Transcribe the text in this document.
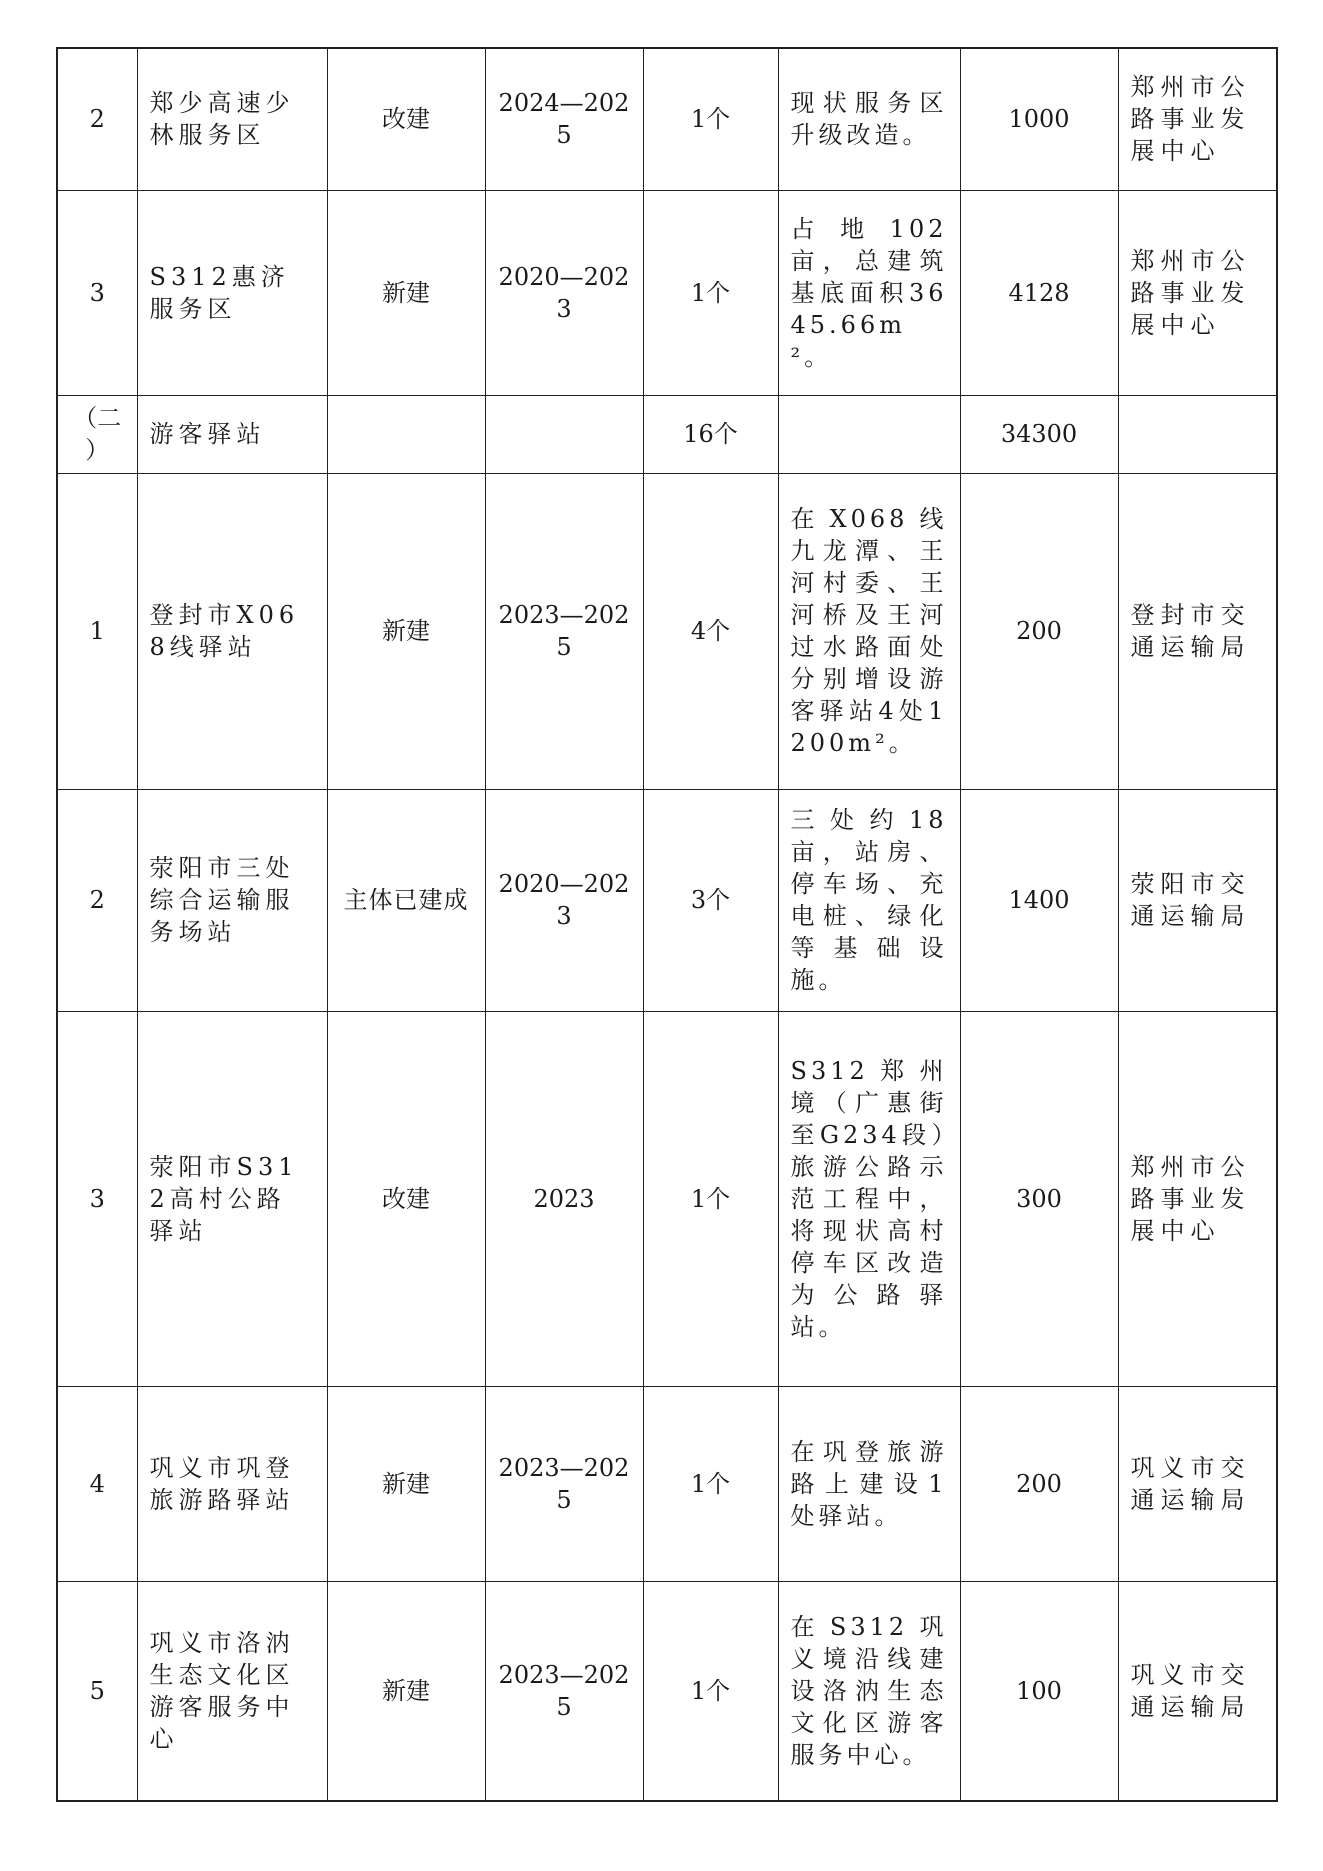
2	郑少高速少林服务区	改建	2024—2025	1个	现状服务区升级改造。	1000	郑州市公路事业发展中心
3	S312惠济服务区	新建	2020—2023	1个	占地102亩，总建筑基底面积3645.66m²。	4128	郑州市公路事业发展中心
（二）	游客驿站			16个		34300	
1	登封市X068线驿站	新建	2023—2025	4个	在X068线九龙潭、王河村委、王河桥及王河过水路面处分别增设游客驿站4处1200m²。	200	登封市交通运输局
2	荥阳市三处综合运输服务场站	主体已建成	2020—2023	3个	三处约18亩，站房、停车场、充电桩、绿化等基础设施。	1400	荥阳市交通运输局
3	荥阳市S312高村公路驿站	改建	2023	1个	S312郑州境（广惠街至G234段）旅游公路示范工程中，将现状高村停车区改造为公路驿站。	300	郑州市公路事业发展中心
4	巩义市巩登旅游路驿站	新建	2023—2025	1个	在巩登旅游路上建设1处驿站。	200	巩义市交通运输局
5	巩义市洛汭生态文化区游客服务中心	新建	2023—2025	1个	在S312巩义境沿线建设洛汭生态文化区游客服务中心。	100	巩义市交通运输局
